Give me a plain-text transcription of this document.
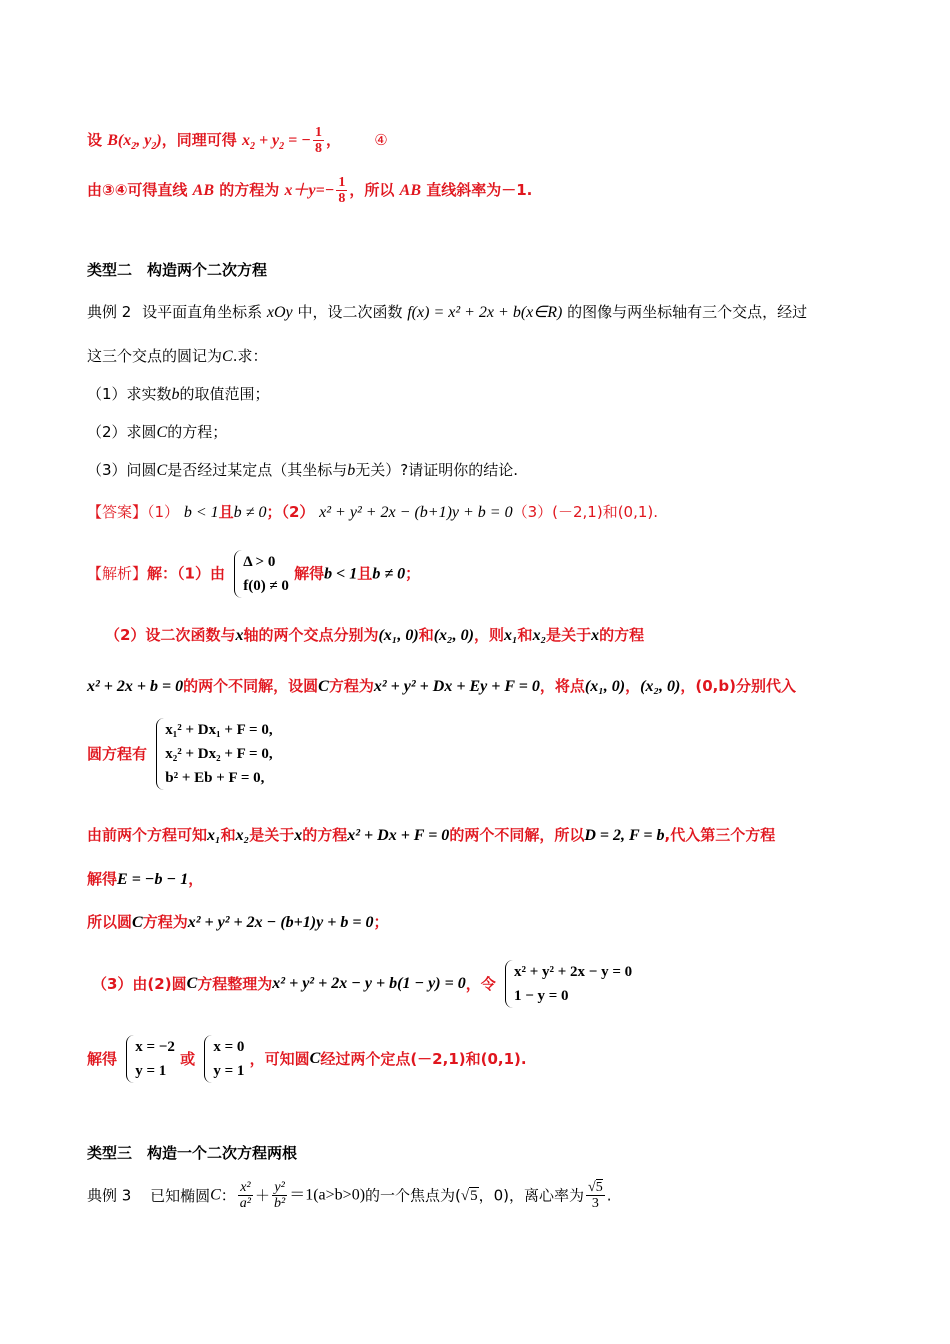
设 $B(x_2$, $y_2$)，同理可得 $x_2 + y_2$ = − $\frac{1}{8}$ ， ④
由③④可得直线 AB 的方程为 $x+y=- \frac{1}{8}$ ，所以 AB 直线斜率为－1.
类型二　构造两个二次方程
典例 2 设平面直角坐标系 xOy 中，设二次函数 f(x) = x² + 2x + b(x∈R) 的图像与两坐标轴有三个交点，经过
这三个交点的圆记为C.求：
（1）求实数b的取值范围；
（2）求圆C的方程；
（3）问圆C是否经过某定点（其坐标与b无关）?请证明你的结论.
【答案】（1） b < 1且b ≠ 0；（2） x² + y² + 2x − (b+1)y + b = 0（3）(－2,1)和(0,1).
【解析】解：（1）由
Δ > 0
f(0) ≠ 0
解得b < 1且b ≠ 0；
（2）设二次函数与x轴的两个交点分别为(x₁, 0)和(x₂, 0)，则x₁和x₂是关于x的方程
x² + 2x + b = 0的两个不同解，设圆C方程为x² + y² + Dx + Ey + F = 0，将点(x₁, 0)，(x₂, 0)，(0,b)分别代入
圆方程有
x₁² + Dx₁ + F = 0,
x₂² + Dx₂ + F = 0,
b² + Eb + F = 0,
由前两个方程可知x₁和x₂是关于x的方程x² + Dx + F = 0的两个不同解，所以D = 2, F = b,代入第三个方程
解得E = −b − 1，
所以圆C方程为x² + y² + 2x − (b+1)y + b = 0；
（3）由(2)圆C方程整理为x² + y² + 2x − y + b(1 − y) = 0，令
x² + y² + 2x − y = 0
1 − y = 0
解得
x = −2
y = 1
或
x = 0
y = 1
，可知圆C经过两个定点(－2,1)和(0,1).
类型三　构造一个二次方程两根
典例 3 已知椭圆C： $\frac{\text{x²}}{\text{a²}} + \frac{\text{y²}}{\text{b²}} =1(a>b>0)$的一个焦点为(√5，0)，离心率为 $\frac{√5}{3}$ .
